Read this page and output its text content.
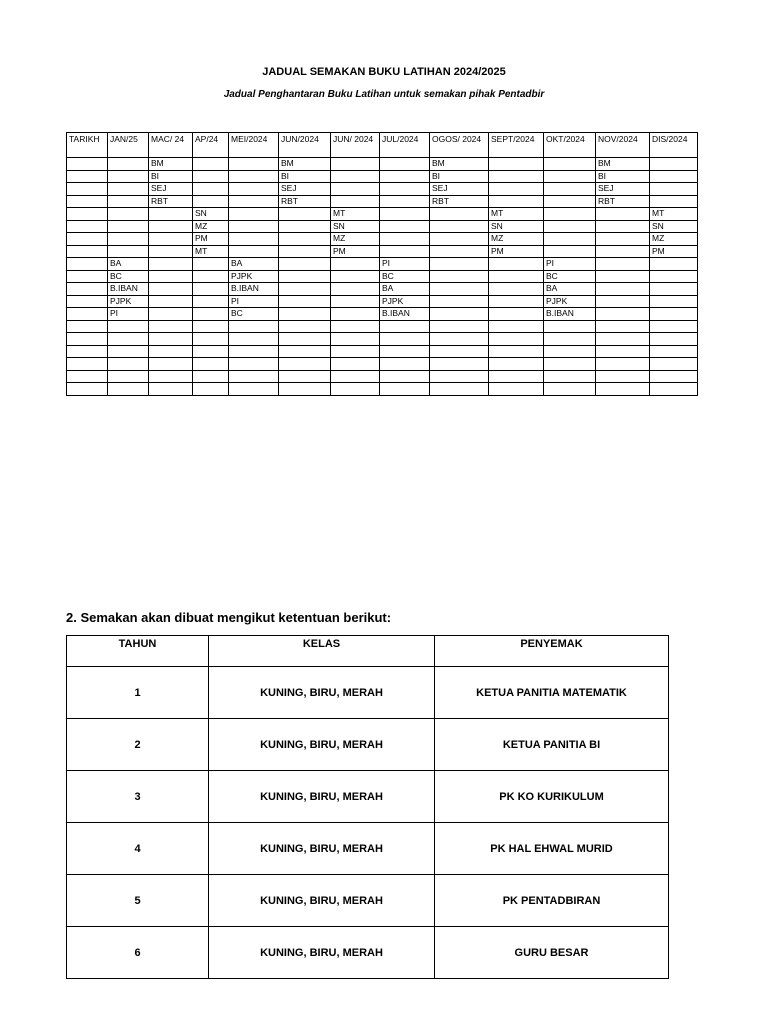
JADUAL SEMAKAN BUKU LATIHAN 2024/2025
Jadual Penghantaran Buku Latihan untuk semakan pihak Pentadbir
TARIKH	JAN/25	MAC/ 24	AP/24	MEI/2024	JUN/2024	JUN/ 2024	JUL/2024	OGOS/ 2024	SEPT/2024	OKT/2024	NOV/2024	DIS/2024
		BM			BM			BM			BM	
		BI			BI			BI			BI	
		SEJ			SEJ			SEJ			SEJ	
		RBT			RBT			RBT			RBT	
			SN			MT			MT			MT
			MZ			SN			SN			SN
			PM			MZ			MZ			MZ
			MT			PM			PM			PM
	BA			BA			PI			PI		
	BC			PJPK			BC			BC		
	B.IBAN			B.IBAN			BA			BA		
	PJPK			PI			PJPK			PJPK		
	PI			BC			B.IBAN			B.IBAN		

2. Semakan akan dibuat mengikut ketentuan berikut:
TAHUN	KELAS	PENYEMAK
1	KUNING, BIRU, MERAH	KETUA PANITIA MATEMATIK
2	KUNING, BIRU, MERAH	KETUA PANITIA BI
3	KUNING, BIRU, MERAH	PK KO KURIKULUM
4	KUNING, BIRU, MERAH	PK HAL EHWAL MURID
5	KUNING, BIRU, MERAH	PK PENTADBIRAN
6	KUNING, BIRU, MERAH	GURU BESAR
